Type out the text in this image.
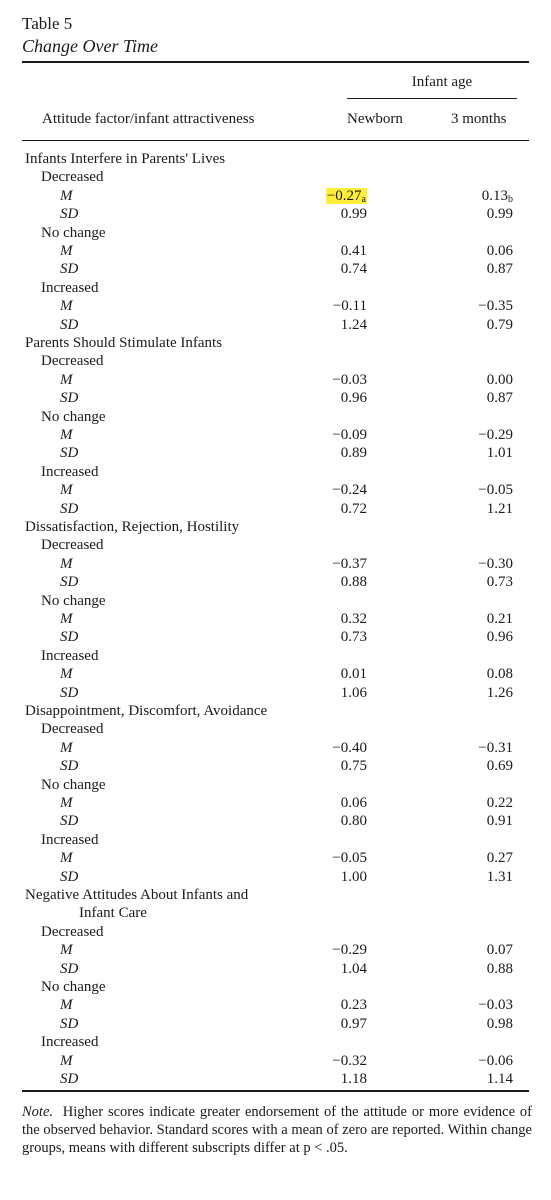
Table 5
Change Over Time
Infant age
Attitude factor/infant attractiveness	Newborn	3 months
Infants Interfere in Parents' Lives
Decreased
M	$-0.27_a$	$0.13_b$
SD	0.99	0.99
No change
M	0.41	0.06
SD	0.74	0.87
Increased
M	−0.11	−0.35
SD	1.24	0.79
Parents Should Stimulate Infants
Decreased
M	−0.03	0.00
SD	0.96	0.87
No change
M	−0.09	−0.29
SD	0.89	1.01
Increased
M	−0.24	−0.05
SD	0.72	1.21
Dissatisfaction, Rejection, Hostility
Decreased
M	−0.37	−0.30
SD	0.88	0.73
No change
M	0.32	0.21
SD	0.73	0.96
Increased
M	0.01	0.08
SD	1.06	1.26
Disappointment, Discomfort, Avoidance
Decreased
M	−0.40	−0.31
SD	0.75	0.69
No change
M	0.06	0.22
SD	0.80	0.91
Increased
M	−0.05	0.27
SD	1.00	1.31
Negative Attitudes About Infants and
Infant Care
Decreased
M	−0.29	0.07
SD	1.04	0.88
No change
M	0.23	−0.03
SD	0.97	0.98
Increased
M	−0.32	−0.06
SD	1.18	1.14
Note. Higher scores indicate greater endorsement of the attitude or more evidence of the observed behavior. Standard scores with a mean of zero are reported. Within change groups, means with different subscripts differ at p < .05.
